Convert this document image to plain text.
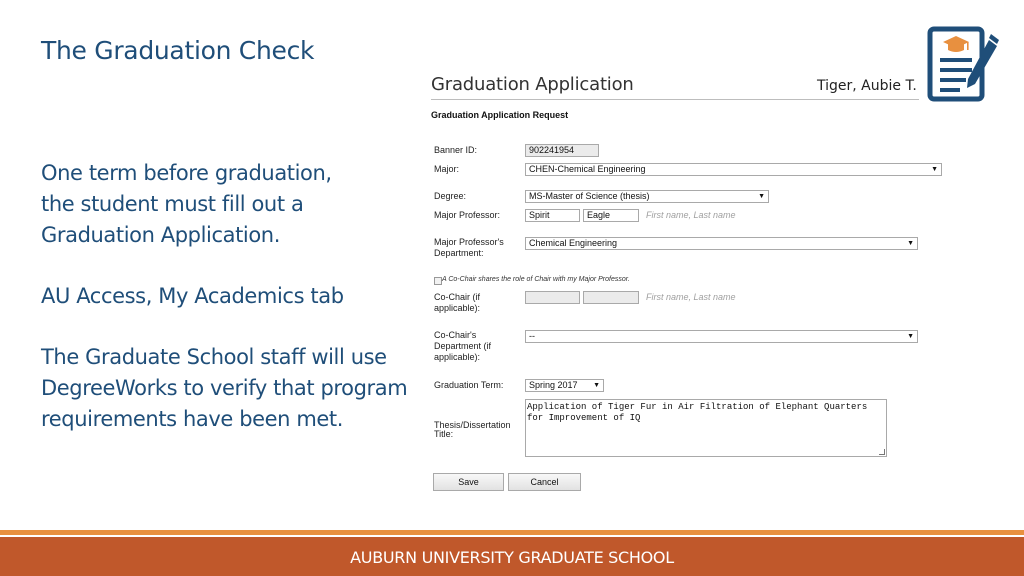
The Graduation Check
One term before graduation,
the student must fill out a
Graduation Application.
AU Access, My Academics tab
The Graduate School staff will use
DegreeWorks to verify that program
requirements have been met.
Graduation Application	Tiger, Aubie T.
Graduation Application Request
Banner ID:	902241954
Major:	CHEN-Chemical Engineering ▼
Degree:	MS-Master of Science (thesis) ▼
Major Professor:	Spirit	Eagle	First name, Last name
Major Professor's
Department:
Chemical Engineering ▼
A Co-Chair shares the role of Chair with my Major Professor.
Co-Chair (if
applicable):
First name, Last name
Co-Chair's
Department (if
applicable):
-- ▼
Graduation Term:	Spring 2017 ▼
Thesis/Dissertation
Title:
Application of Tiger Fur in Air Filtration of Elephant Quarters for Improvement of IQ
Save	Cancel
AUBURN UNIVERSITY GRADUATE SCHOOL
